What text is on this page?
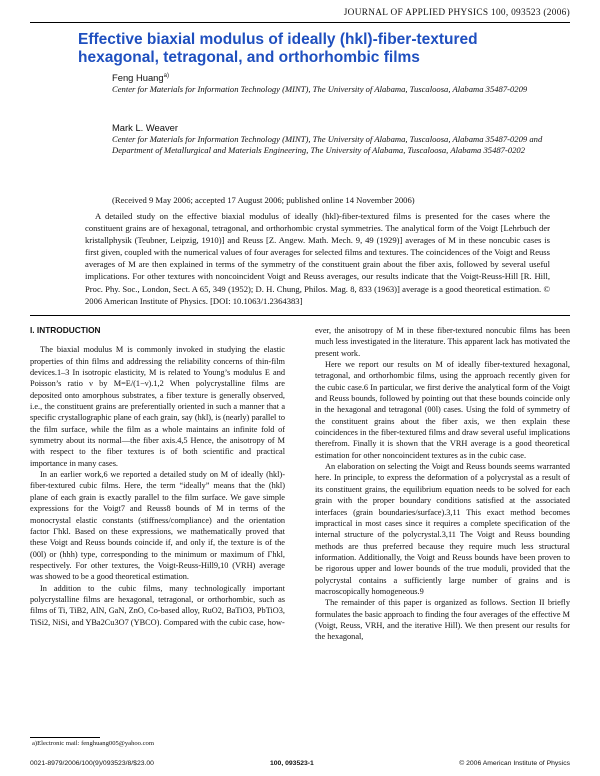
JOURNAL OF APPLIED PHYSICS 100, 093523 (2006)
Effective biaxial modulus of ideally (hkl)-fiber-textured hexagonal, tetragonal, and orthorhombic films
Feng Huang$^{a)}$
Center for Materials for Information Technology (MINT), The University of Alabama, Tuscaloosa, Alabama 35487-0209
Mark L. Weaver
Center for Materials for Information Technology (MINT), The University of Alabama, Tuscaloosa, Alabama 35487-0209 and Department of Metallurgical and Materials Engineering, The University of Alabama, Tuscaloosa, Alabama 35487-0202
(Received 9 May 2006; accepted 17 August 2006; published online 14 November 2006)

A detailed study on the effective biaxial modulus of ideally (hkl)-fiber-textured films is presented for the cases where the constituent grains are of hexagonal, tetragonal, and orthorhombic crystal symmetries. The analytical form of the Voigt [Lehrbuch der kristallphysik (Teubner, Leipzig, 1910)] and Reuss [Z. Angew. Math. Mech. 9, 49 (1929)] averages of M in these noncubic cases is first given, coupled with the numerical values of four averages for selected films and textures. The coincidences of the Voigt and Reuss averages of M are then explained in terms of the symmetry of the constituent grain about the fiber axis, followed by several useful implications. For other textures with noncoincident Voigt and Reuss averages, our results indicate that the Voigt-Reuss-Hill [R. Hill, Proc. Phy. Soc., London, Sect. A 65, 349 (1952); D. H. Chung, Philos. Mag. 8, 833 (1963)] average is a good theoretical estimation. © 2006 American Institute of Physics. [DOI: 10.1063/1.2364383]

I. INTRODUCTION

The biaxial modulus M is commonly invoked in studying the elastic properties of thin films and addressing the reliability concerns of thin-film devices.1–3 In isotropic elasticity, M is related to Young’s modulus E and Poisson’s ratio ν by M=E/(1−ν).1,2 When polycrystalline films are deposited onto amorphous substrates, a fiber texture is generally observed, i.e., the constituent grains are preferentially oriented in such a manner that a specific crystallographic plane of each grain, say (hkl), is (nearly) parallel to the film surface, while the film as a whole maintains an infinite fold of symmetry about its normal—the fiber axis.4,5 Hence, the anisotropy of M with respect to the fiber textures is of both scientific and practical importance in many cases.

In an earlier work,6 we reported a detailed study on M of ideally (hkl)-fiber-textured cubic films. Here, the term “ideally” means that the (hkl) plane of each grain is exactly parallel to the film surface. We gave simple expressions for the Voigt7 and Reuss8 bounds of M in terms of the monocrystal elastic constants (stiffness/compliance) and the orientation factor Γhkl. Based on these expressions, we mathematically proved that these Voigt and Reuss bounds coincide if, and only if, the texture is of the (00l) or (hhh) type, corresponding to the minimum or maximum of Γhkl, respectively. For other textures, the Voigt-Reuss-Hill9,10 (VRH) average was showed to be a good theoretical estimation.

In addition to the cubic films, many technologically important polycrystalline films are hexagonal, tetragonal, or orthorhombic, such as films of Ti, TiB2, AlN, GaN, ZnO, Co-based alloy, RuO2, BaTiO3, PbTiO3, TiSi2, NiSi, and YBa2Cu3O7 (YBCO). Compared with the cubic case, how-

ever, the anisotropy of M in these fiber-textured noncubic films has been much less investigated in the literature. This apparent lack has motivated the present work.

Here we report our results on M of ideally fiber-textured hexagonal, tetragonal, and orthorhombic films, using the approach recently given for the cubic case.6 In particular, we first derive the analytical form of the Voigt and Reuss bounds, followed by pointing out that these bounds coincide only in the hexagonal and tetragonal (00l) cases. Using the fold of symmetry of the constituent grains about the fiber axis, we then explain these coincidences in the fiber-textured films and draw several useful implications therefrom. Finally it is shown that the VRH average is a good theoretical estimation for other noncoincident textures as in the cubic case.

An elaboration on selecting the Voigt and Reuss bounds seems warranted here. In principle, to express the deformation of a polycrystal as a result of its constituent grains, the equilibrium equation needs to be solved for each grain with the proper boundary conditions satisfied at the associated interfaces (grain boundaries/surface).3,11 This exact method becomes impractical in most cases since it requires a complete specification of the internal structure of the polycrystal.3,11 The Voigt and Reuss bounding methods are thus preferred because they require much less structural information. Additionally, the Voigt and Reuss bounds have been proven to be rigorous upper and lower bounds of the true moduli, provided that the polycrystal contains a sufficiently large number of grains and is macroscopically homogeneous.9

The remainder of this paper is organized as follows. Section II briefly formulates the basic approach to finding the four averages of the effective M (Voigt, Reuss, VRH, and the iterative Hill). We then present our results for the hexagonal,

a)Electronic mail: fenghuang005@yahoo.com
0021-8979/2006/100(9)/093523/8/$23.00	100, 093523-1	© 2006 American Institute of Physics
